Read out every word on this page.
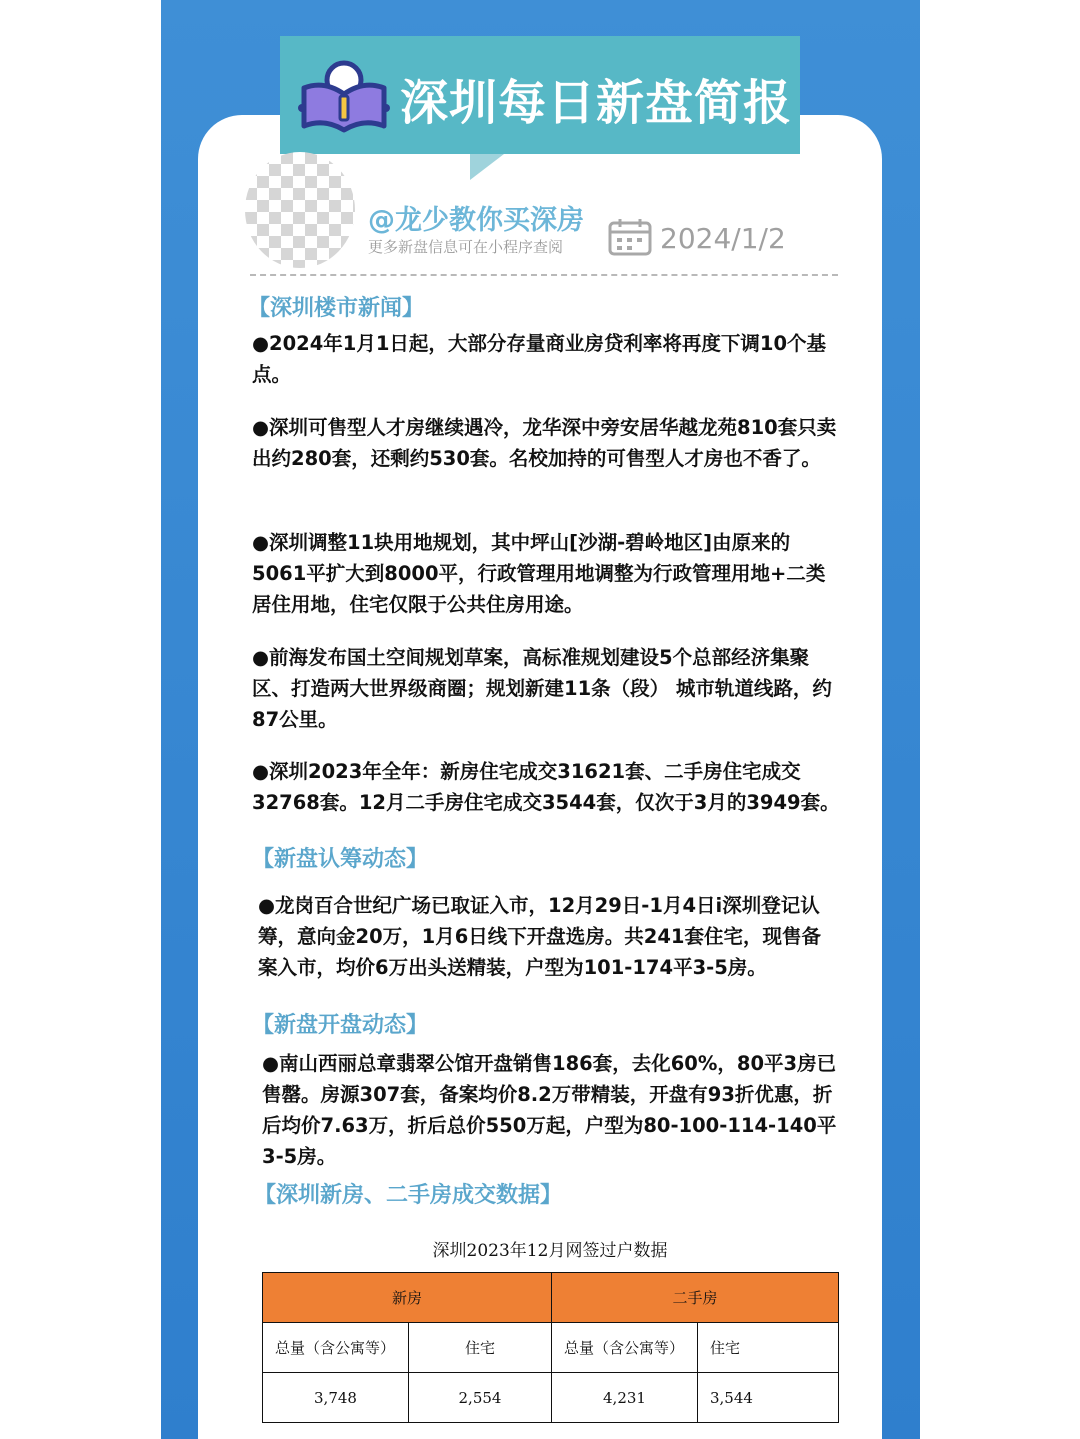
深圳每日新盘简报
@龙少教你买深房
更多新盘信息可在小程序查阅	2024/1/2
【深圳楼市新闻】
●2024年1月1日起，大部分存量商业房贷利率将再度下调10个基点。
●深圳可售型人才房继续遇冷，龙华深中旁安居华越龙苑810套只卖出约280套，还剩约530套。名校加持的可售型人才房也不香了。
●深圳调整11块用地规划，其中坪山[沙湖-碧岭地区]由原来的5061平扩大到8000平，行政管理用地调整为行政管理用地+二类居住用地，住宅仅限于公共住房用途。
●前海发布国土空间规划草案，高标准规划建设5个总部经济集聚区、打造两大世界级商圈；规划新建11条（段） 城市轨道线路，约87公里。
●深圳2023年全年：新房住宅成交31621套、二手房住宅成交32768套。12月二手房住宅成交3544套，仅次于3月的3949套。
【新盘认筹动态】
●龙岗百合世纪广场已取证入市，12月29日-1月4日i深圳登记认筹，意向金20万，1月6日线下开盘选房。共241套住宅，现售备案入市，均价6万出头送精装，户型为101-174平3-5房。
【新盘开盘动态】
●南山西丽总章翡翠公馆开盘销售186套，去化60%，80平3房已售罄。房源307套，备案均价8.2万带精装，开盘有93折优惠，折后均价7.63万，折后总价550万起，户型为80-100-114-140平3-5房。
【深圳新房、二手房成交数据】
深圳2023年12月网签过户数据
新房		二手房	
总量（含公寓等）	住宅	总量（含公寓等）	住宅
3,748	2,554	4,231	3,544
